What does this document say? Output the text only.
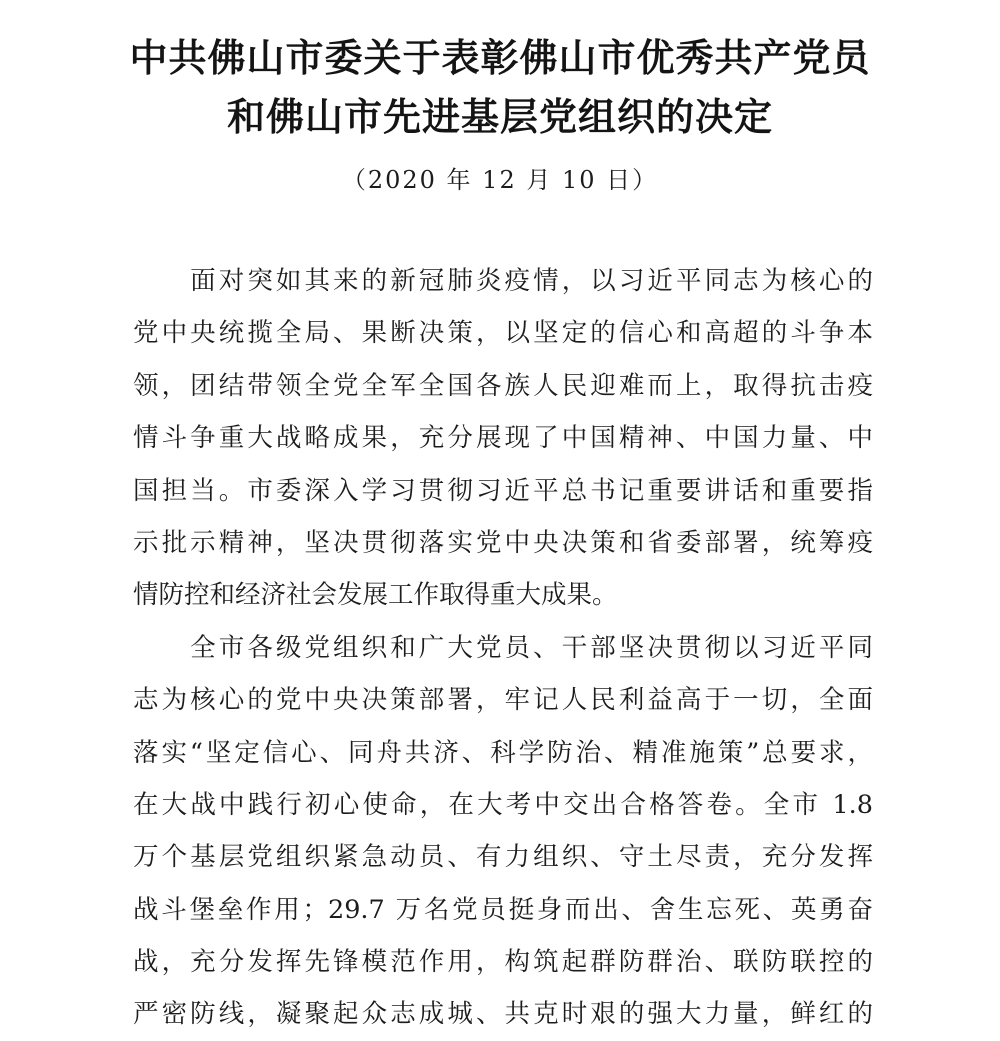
中共佛山市委关于表彰佛山市优秀共产党员
和佛山市先进基层党组织的决定
（2020 年 12 月 10 日）
　　面对突如其来的新冠肺炎疫情，以习近平同志为核心的
党中央统揽全局、果断决策，以坚定的信心和高超的斗争本
领，团结带领全党全军全国各族人民迎难而上，取得抗击疫
情斗争重大战略成果，充分展现了中国精神、中国力量、中
国担当。市委深入学习贯彻习近平总书记重要讲话和重要指
示批示精神，坚决贯彻落实党中央决策和省委部署，统筹疫
情防控和经济社会发展工作取得重大成果。
　　全市各级党组织和广大党员、干部坚决贯彻以习近平同
志为核心的党中央决策部署，牢记人民利益高于一切，全面
落实“坚定信心、同舟共济、科学防治、精准施策”总要求，
在大战中践行初心使命，在大考中交出合格答卷。全市 1.8
万个基层党组织紧急动员、有力组织、守土尽责，充分发挥
战斗堡垒作用；29.7 万名党员挺身而出、舍生忘死、英勇奋
战，充分发挥先锋模范作用，构筑起群防群治、联防联控的
严密防线，凝聚起众志成城、共克时艰的强大力量，鲜红的
